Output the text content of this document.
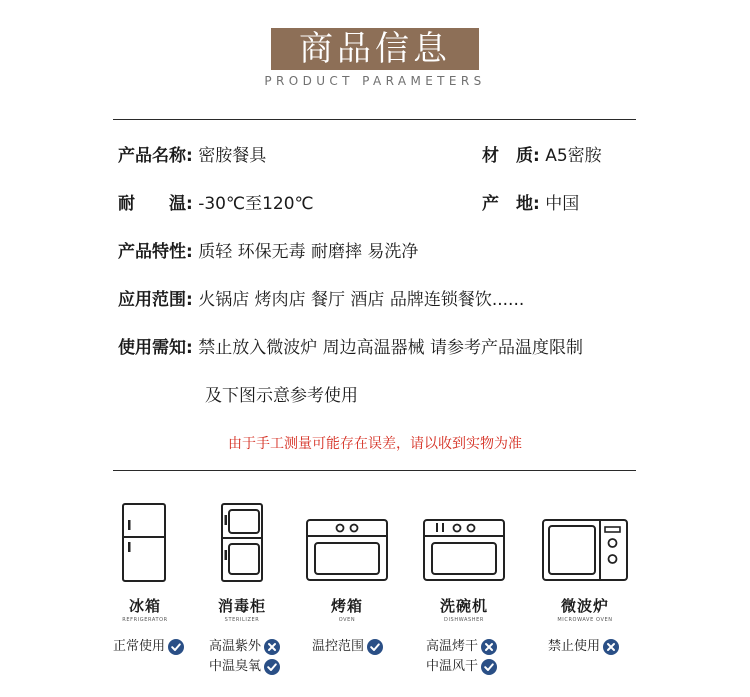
商品信息
PRODUCT PARAMETERS
产品名称: 密胺餐具	材　质: A5密胺
耐　　温: -30℃至120℃	产　地: 中国
产品特性: 质轻 环保无毒 耐磨摔 易洗净
应用范围: 火锅店 烤肉店 餐厅 酒店 品牌连锁餐饮......
使用需知: 禁止放入微波炉 周边高温器械 请参考产品温度限制
及下图示意参考使用
由于手工测量可能存在误差，请以收到实物为准
冰箱
REFRIGERATOR
消毒柜
STERILIZER
烤箱
OVEN
洗碗机
DISHWASHER
微波炉
MICROWAVE OVEN
正常使用	高温紫外
中温臭氧
温控范围	高温烤干
中温风干
禁止使用
